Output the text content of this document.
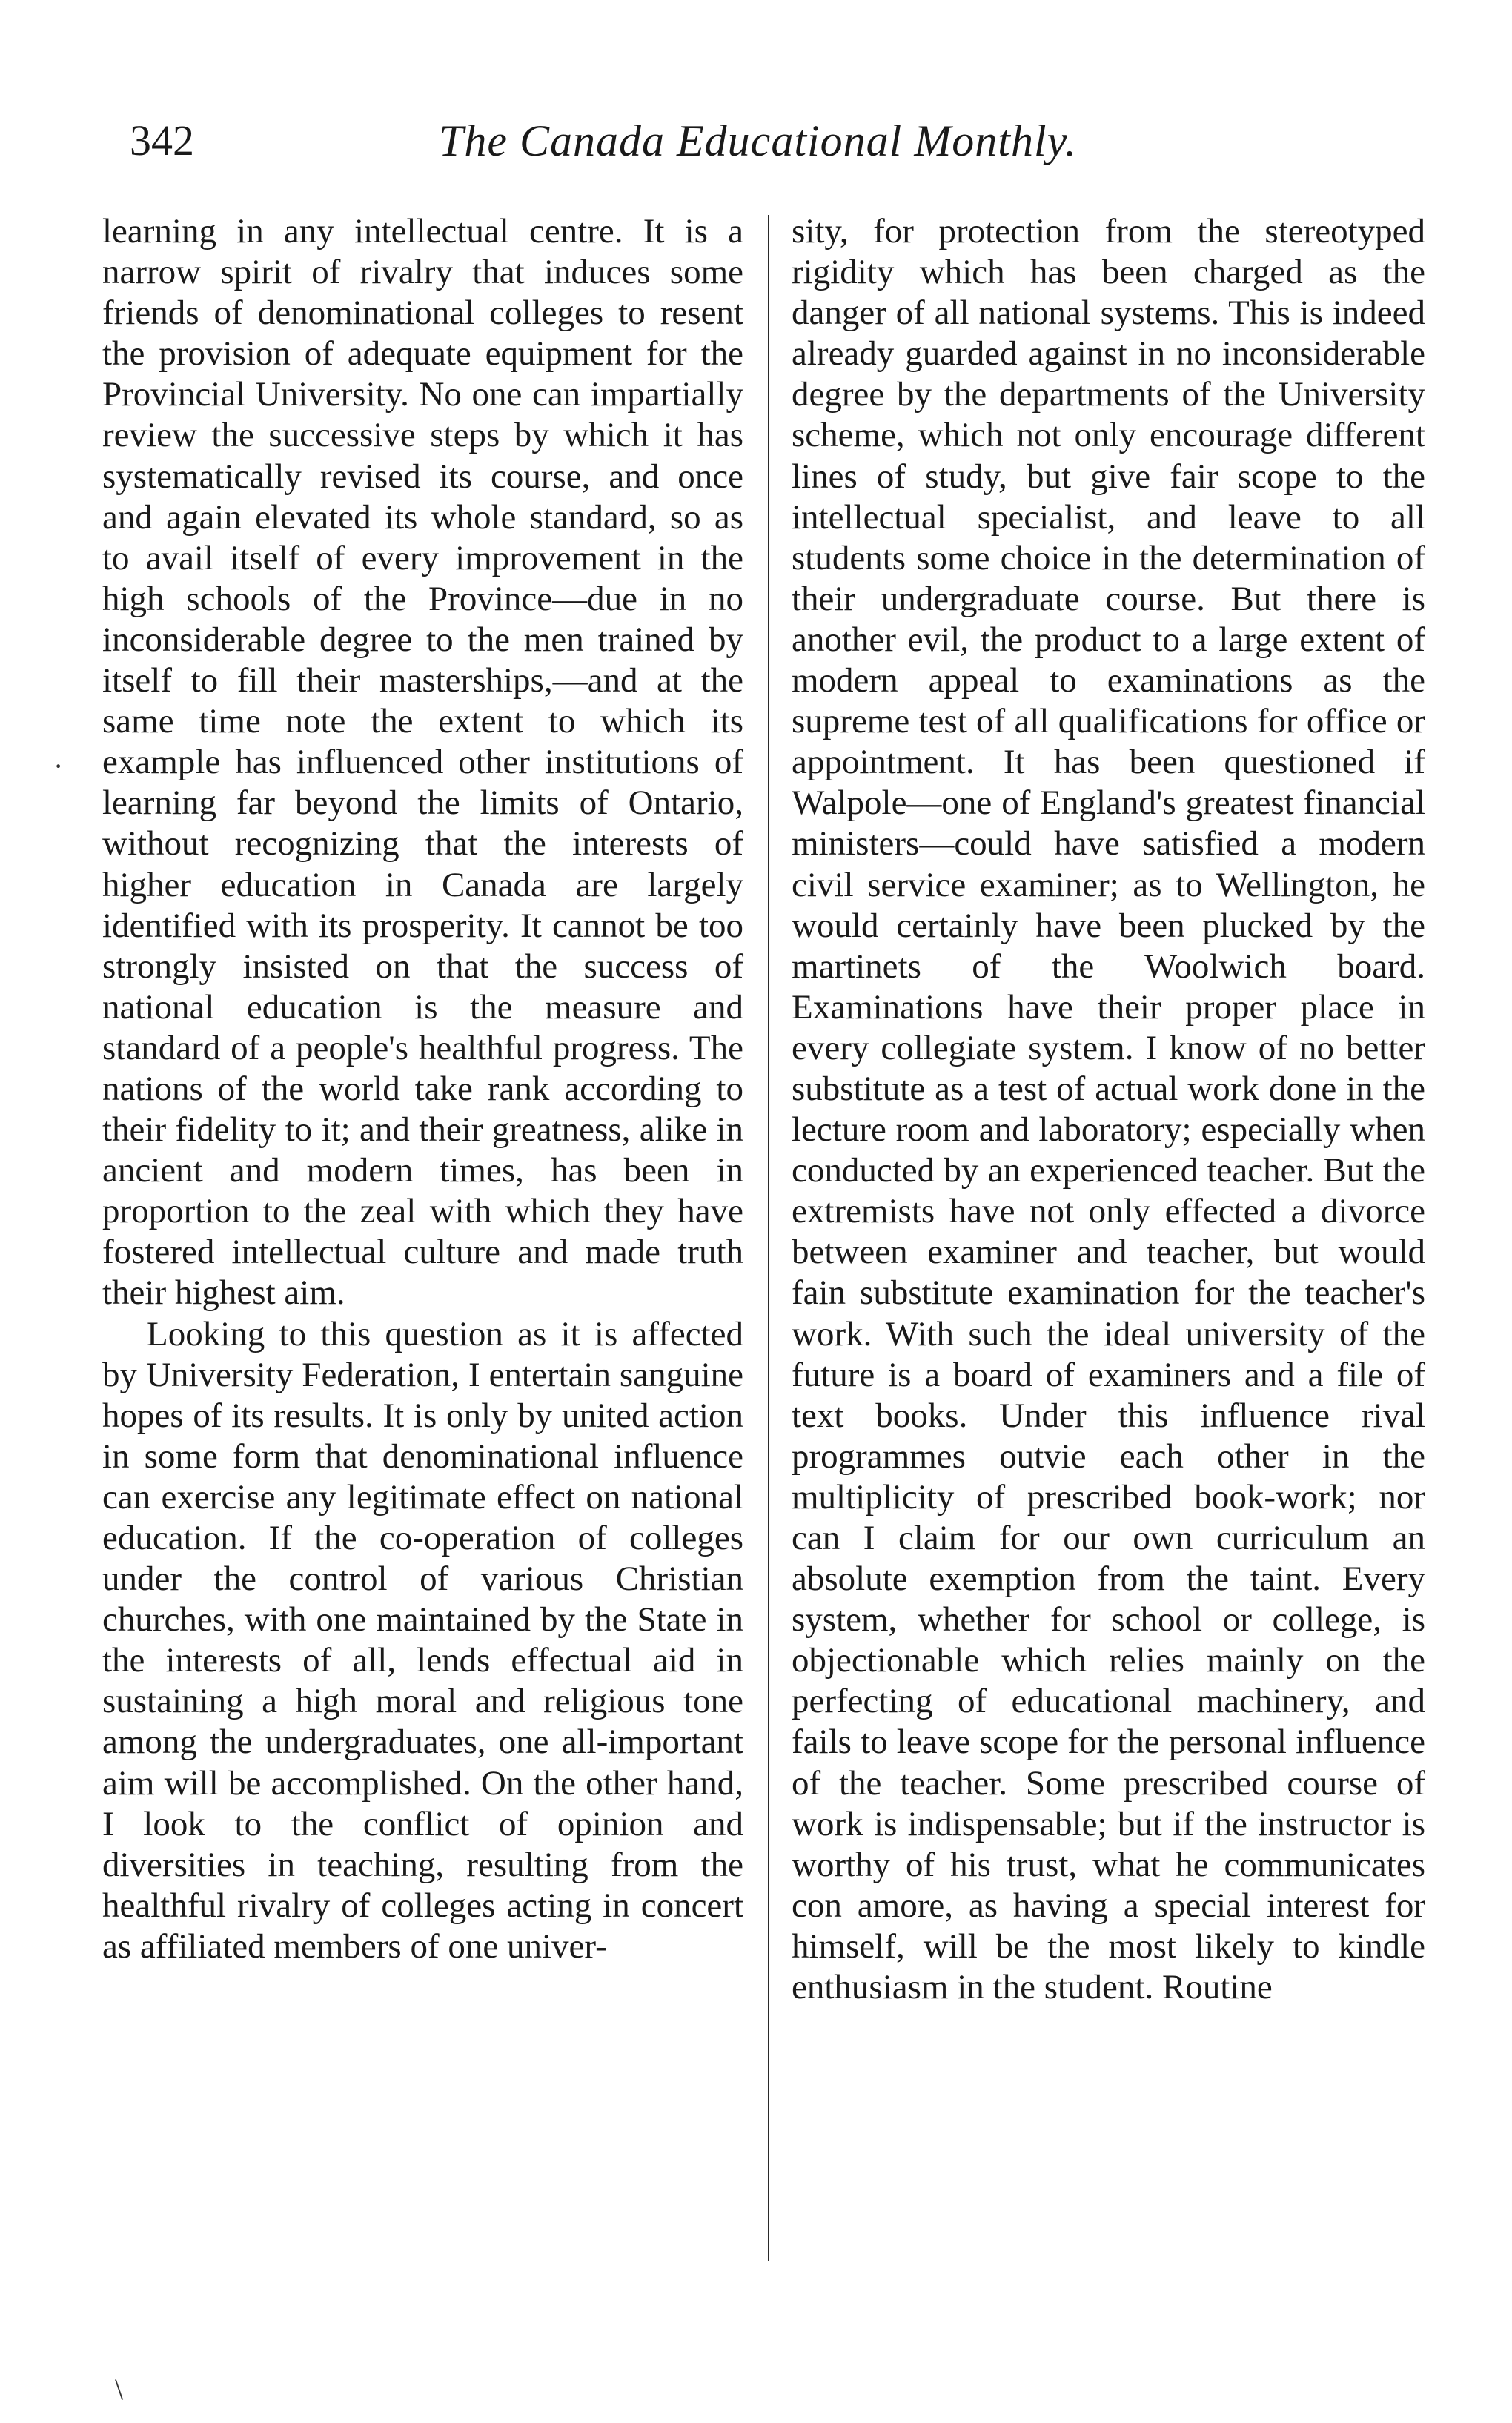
342	The Canada Educational Monthly.

learning in any intellectual centre. It is a narrow spirit of rivalry that induces some friends of denominational colleges to resent the provision of adequate equipment for the Provincial University. No one can impartially review the successive steps by which it has systematically revised its course, and once and again elevated its whole standard, so as to avail itself of every improvement in the high schools of the Province—due in no inconsiderable degree to the men trained by itself to fill their masterships,—and at the same time note the extent to which its example has influenced other institutions of learning far beyond the limits of Ontario, without recognizing that the interests of higher education in Canada are largely identified with its prosperity. It cannot be too strongly insisted on that the success of national education is the measure and standard of a people's healthful progress. The nations of the world take rank according to their fidelity to it; and their greatness, alike in ancient and modern times, has been in proportion to the zeal with which they have fostered intellectual culture and made truth their highest aim.

Looking to this question as it is affected by University Federation, I entertain sanguine hopes of its results. It is only by united action in some form that denominational influence can exercise any legitimate effect on national education. If the co-operation of colleges under the control of various Christian churches, with one maintained by the State in the interests of all, lends effectual aid in sustaining a high moral and religious tone among the undergraduates, one all-important aim will be accomplished. On the other hand, I look to the conflict of opinion and diversities in teaching, resulting from the healthful rivalry of colleges acting in concert as affiliated members of one univer-

sity, for protection from the stereotyped rigidity which has been charged as the danger of all national systems. This is indeed already guarded against in no inconsiderable degree by the departments of the University scheme, which not only encourage different lines of study, but give fair scope to the intellectual specialist, and leave to all students some choice in the determination of their undergraduate course. But there is another evil, the product to a large extent of modern appeal to examinations as the supreme test of all qualifications for office or appointment. It has been questioned if Walpole—one of England's greatest financial ministers—could have satisfied a modern civil service examiner; as to Wellington, he would certainly have been plucked by the martinets of the Woolwich board. Examinations have their proper place in every collegiate system. I know of no better substitute as a test of actual work done in the lecture room and laboratory; especially when conducted by an experienced teacher. But the extremists have not only effected a divorce between examiner and teacher, but would fain substitute examination for the teacher's work. With such the ideal university of the future is a board of examiners and a file of text books. Under this influence rival programmes outvie each other in the multiplicity of prescribed book-work; nor can I claim for our own curriculum an absolute exemption from the taint. Every system, whether for school or college, is objectionable which relies mainly on the perfecting of educational machinery, and fails to leave scope for the personal influence of the teacher. Some prescribed course of work is indispensable; but if the instructor is worthy of his trust, what he communicates con amore, as having a special interest for himself, will be the most likely to kindle enthusiasm in the student. Routine

·
\
